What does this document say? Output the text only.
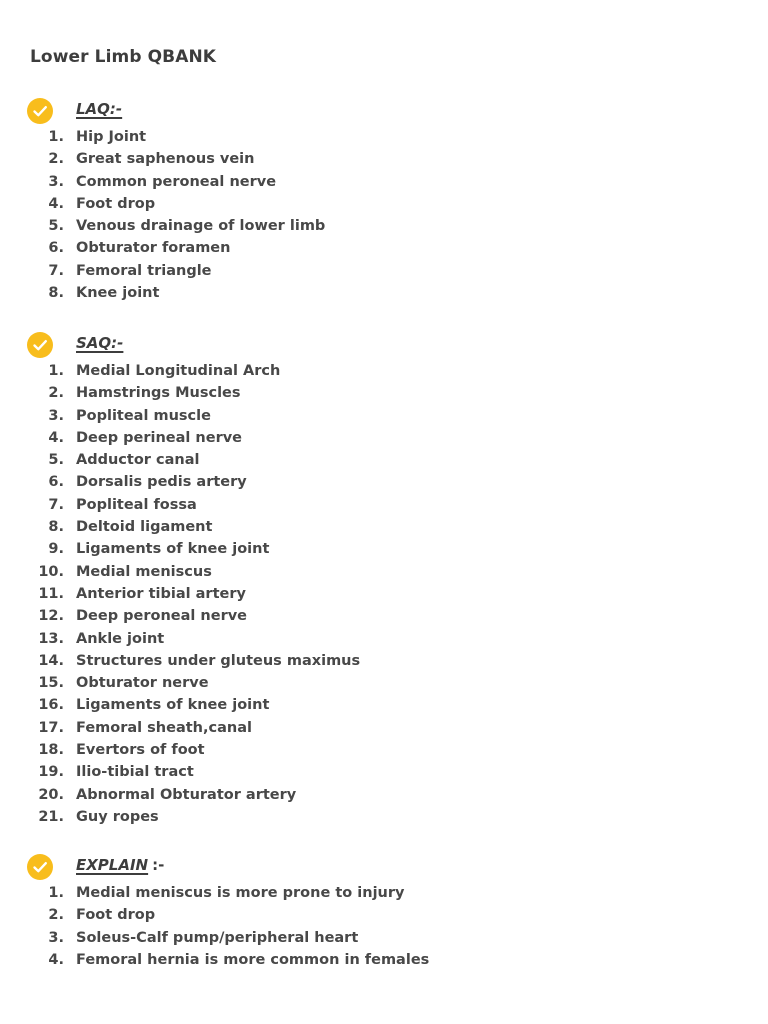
Lower Limb QBANK
LAQ:-
1. Hip Joint
2. Great saphenous vein
3. Common peroneal nerve
4. Foot drop
5. Venous drainage of lower limb
6. Obturator foramen
7. Femoral triangle
8. Knee joint
SAQ:-
1. Medial Longitudinal Arch
2. Hamstrings Muscles
3. Popliteal muscle
4. Deep perineal nerve
5. Adductor canal
6. Dorsalis pedis artery
7. Popliteal fossa
8. Deltoid ligament
9. Ligaments of knee joint
10. Medial meniscus
11. Anterior tibial artery
12. Deep peroneal nerve
13. Ankle joint
14. Structures under gluteus maximus
15. Obturator nerve
16. Ligaments of knee joint
17. Femoral sheath,canal
18. Evertors of foot
19. Ilio-tibial tract
20. Abnormal Obturator artery
21. Guy ropes
EXPLAIN :-
1. Medial meniscus is more prone to injury
2. Foot drop
3. Soleus-Calf pump/peripheral heart
4. Femoral hernia is more common in females
